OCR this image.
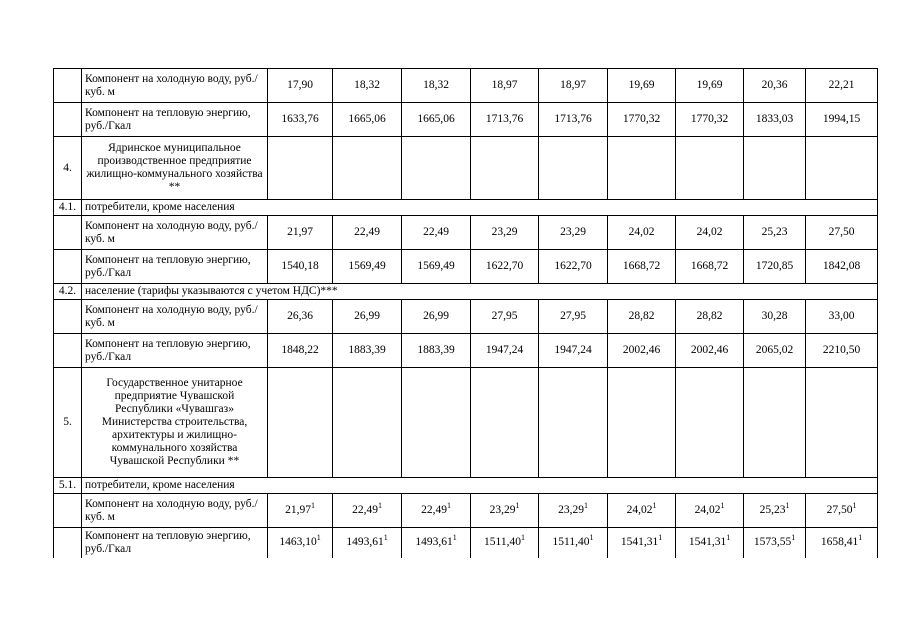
	Компонент на холодную воду, руб./куб. м	17,90	18,32	18,32	18,97	18,97	19,69	19,69	20,36	22,21
	Компонент на тепловую энергию, руб./Гкал	1633,76	1665,06	1665,06	1713,76	1713,76	1770,32	1770,32	1833,03	1994,15
4.	Ядринское муниципальное производственное предприятие жилищно-коммунального хозяйства **									
4.1.	потребители, кроме населения									
	Компонент на холодную воду, руб./куб. м	21,97	22,49	22,49	23,29	23,29	24,02	24,02	25,23	27,50
	Компонент на тепловую энергию, руб./Гкал	1540,18	1569,49	1569,49	1622,70	1622,70	1668,72	1668,72	1720,85	1842,08
4.2.	население (тарифы указываются с учетом НДС)***									
	Компонент на холодную воду, руб./куб. м	26,36	26,99	26,99	27,95	27,95	28,82	28,82	30,28	33,00
	Компонент на тепловую энергию, руб./Гкал	1848,22	1883,39	1883,39	1947,24	1947,24	2002,46	2002,46	2065,02	2210,50
5.	Государственное унитарное предприятие Чувашской Республики «Чувашгаз» Министерства строительства, архитектуры и жилищно-коммунального хозяйства Чувашской Республики **									
5.1.	потребители, кроме населения									
	Компонент на холодную воду, руб./куб. м	21,97$^1$	22,49$^1$	22,49$^1$	23,29$^1$	23,29$^1$	24,02$^1$	24,02$^1$	25,23$^1$	27,50$^1$
	Компонент на тепловую энергию, руб./Гкал	1463,10$^1$	1493,61$^1$	1493,61$^1$	1511,40$^1$	1511,40$^1$	1541,31$^1$	1541,31$^1$	1573,55$^1$	1658,41$^1$
